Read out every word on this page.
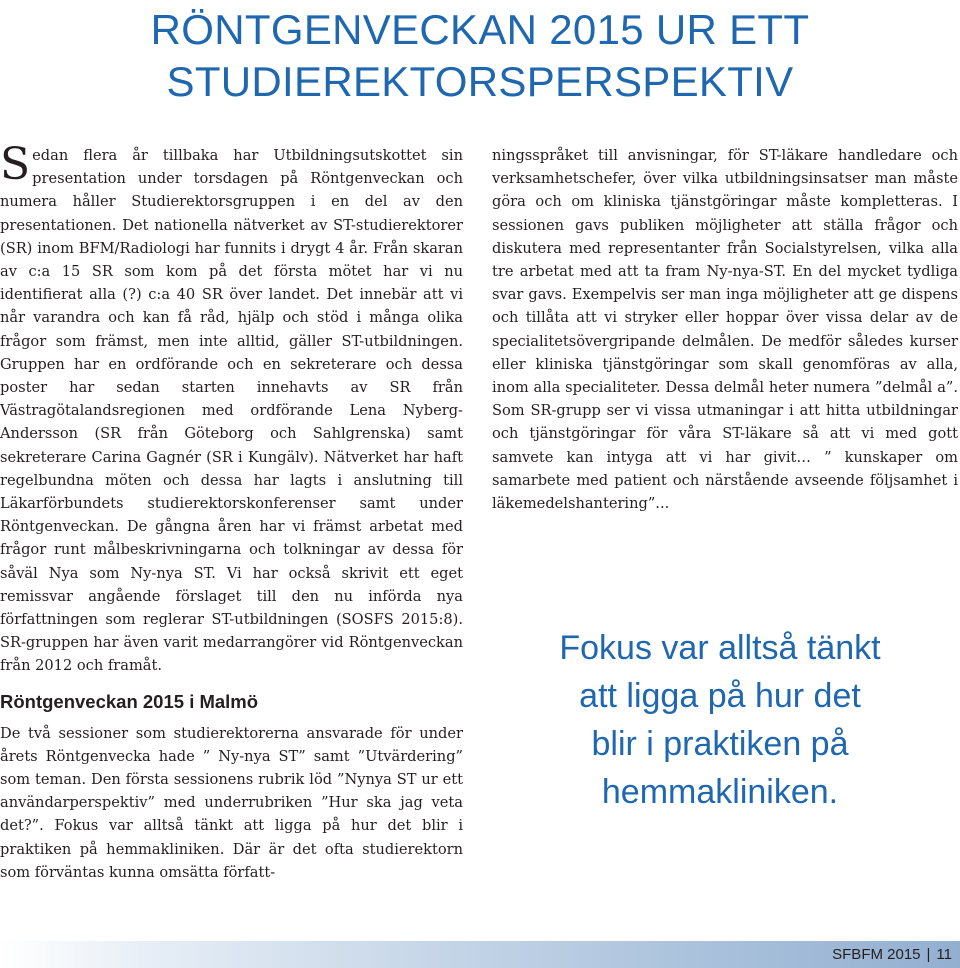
RÖNTGENVECKAN 2015 UR ETT
STUDIEREKTORSPERSPEKTIV

Sedan flera år tillbaka har Utbildningsutskottet sin presentation under torsdagen på Röntgenveckan och numera håller Studierektorsgruppen i en del av den presentationen. Det nationella nätverket av ST-studierektorer (SR) inom BFM/Radiologi har funnits i drygt 4 år. Från skaran av c:a 15 SR som kom på det första mötet har vi nu identifierat alla (?) c:a 40 SR över landet. Det innebär att vi når varandra och kan få råd, hjälp och stöd i många olika frågor som främst, men inte alltid, gäller ST-utbildningen. Gruppen har en ordförande och en sekreterare och dessa poster har sedan starten innehavts av SR från Västragötalandsregionen med ordförande Lena Nyberg-Andersson (SR från Göteborg och Sahlgrenska) samt sekreterare Carina Gagnér (SR i Kungälv). Nätverket har haft regelbundna möten och dessa har lagts i anslutning till Läkarförbundets studierektorskonferenser samt under Röntgenveckan. De gångna åren har vi främst arbetat med frågor runt målbeskrivningarna och tolkningar av dessa för såväl Nya som Ny-nya ST. Vi har också skrivit ett eget remissvar angående förslaget till den nu införda nya författningen som reglerar ST-utbildningen (SOSFS 2015:8). SR-gruppen har även varit medarrangörer vid Röntgenveckan från 2012 och framåt.

Röntgenveckan 2015 i Malmö

De två sessioner som studierektorerna ansvarade för under årets Röntgenvecka hade ” Ny-nya ST” samt ”Utvärdering” som teman. Den första sessionens rubrik löd ”Nynya ST ur ett användarperspektiv” med underrubriken ”Hur ska jag veta det?”. Fokus var alltså tänkt att ligga på hur det blir i praktiken på hemmakliniken. Där är det ofta studierektorn som förväntas kunna omsätta författ-

ningsspråket till anvisningar, för ST-läkare handledare och verksamhetschefer, över vilka utbildningsinsatser man måste göra och om kliniska tjänstgöringar måste kompletteras. I sessionen gavs publiken möjligheter att ställa frågor och diskutera med representanter från Socialstyrelsen, vilka alla tre arbetat med att ta fram Ny-nya-ST. En del mycket tydliga svar gavs. Exempelvis ser man inga möjligheter att ge dispens och tillåta att vi stryker eller hoppar över vissa delar av de specialitetsövergripande delmålen. De medför således kurser eller kliniska tjänstgöringar som skall genomföras av alla, inom alla specialiteter. Dessa delmål heter numera ”delmål a”. Som SR-grupp ser vi vissa utmaningar i att hitta utbildningar och tjänstgöringar för våra ST-läkare så att vi med gott samvete kan intyga att vi har givit… ” kunskaper om samarbete med patient och närstående avseende följsamhet i läkemedelshantering”...

Fokus var alltså tänkt
att ligga på hur det
blir i praktiken på
hemmakliniken.
SFBFM 2015 | 11
